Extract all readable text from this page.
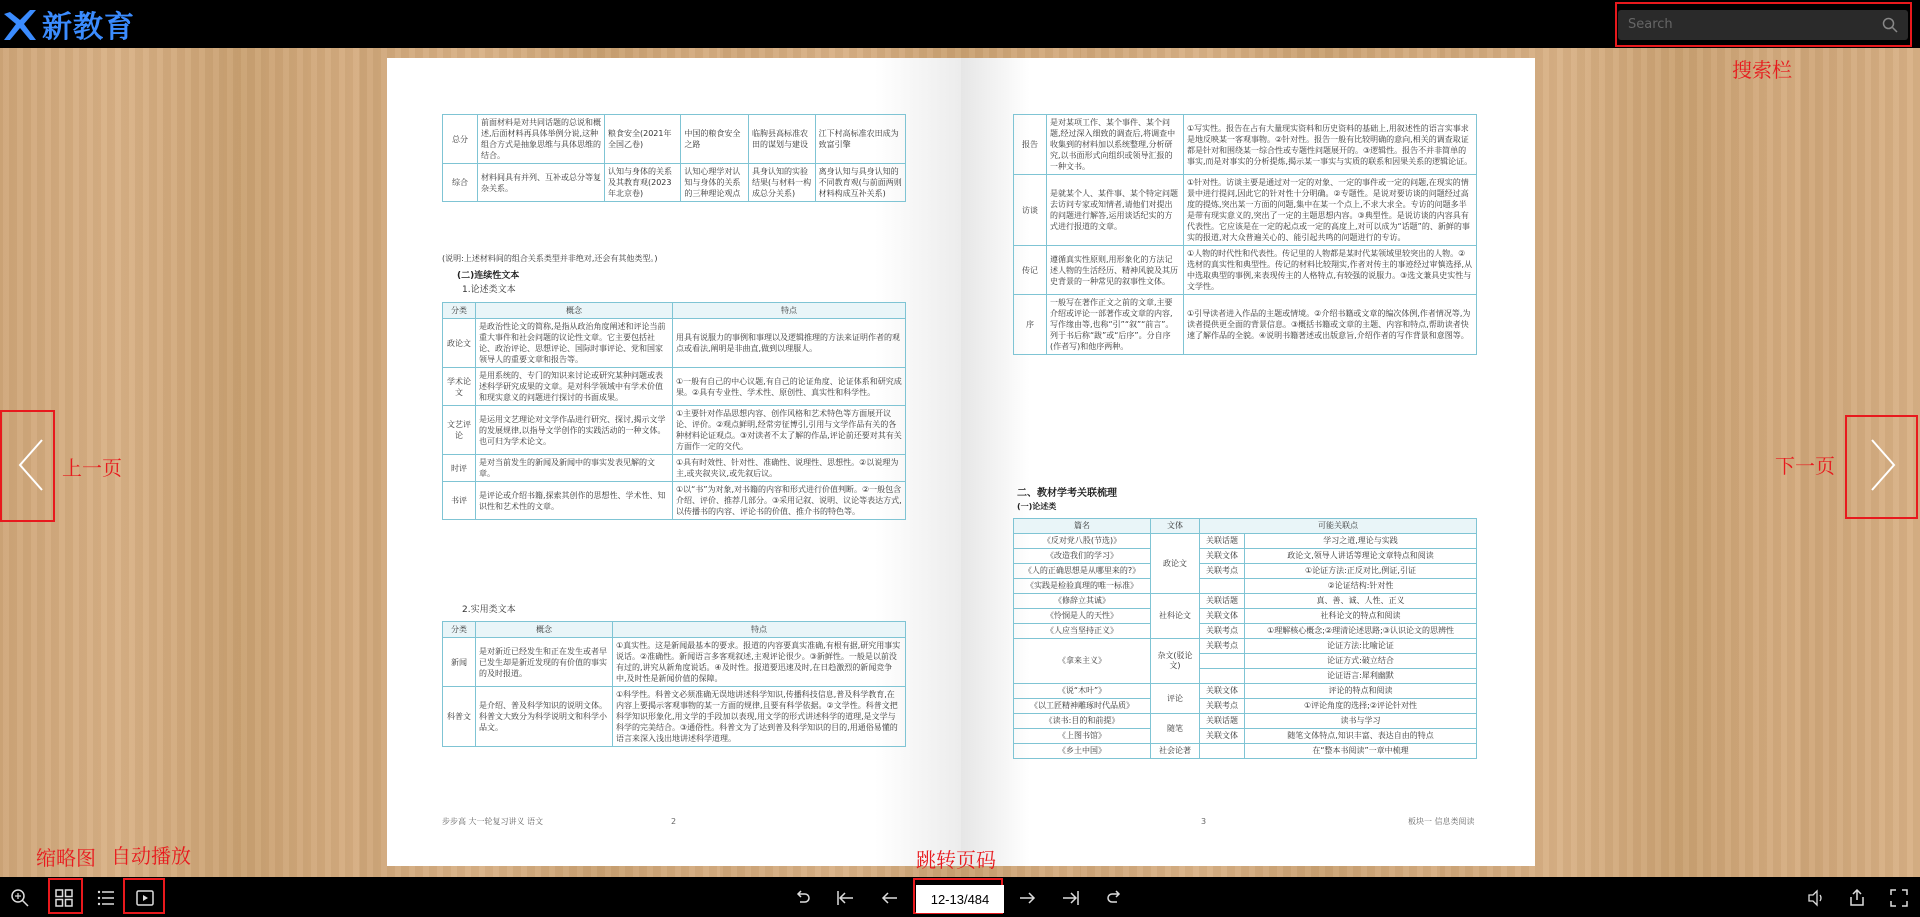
新教育	Search
搜索栏
总分	前面材料是对共同话题的总说和概述,后面材料再具体举例分说,这种组合方式是抽象思维与具体思维的结合。	粮食安全(2021年全国乙卷)	中国的粮食安全之路	临朐县高标准农田的谋划与建设	江下村高标准农田成为致富引擎
综合	材料间具有并列、互补或总分等复杂关系。	认知与身体的关系及其教育观(2023年北京卷)	认知心理学对认知与身体的关系的三种理论观点	具身认知的实验结果(与材料一构成总分关系)	离身认知与具身认知的不同教育观(与前面两则材料构成互补关系)
(说明:上述材料间的组合关系类型并非绝对,还会有其他类型。)
(二)连续性文本
1.论述类文本
分类	概念	特点
政论文	是政治性论文的简称,是指从政治角度阐述和评论当前重大事件和社会问题的议论性文章。它主要包括社论、政治评论、思想评论、国际时事评论、党和国家领导人的重要文章和报告等。	用具有说服力的事例和事理以及逻辑推理的方法来证明作者的观点或看法,阐明是非曲直,做到以理服人。
学术论文	是用系统的、专门的知识来讨论或研究某种问题或表述科学研究成果的文章。是对科学领域中有学术价值和现实意义的问题进行探讨的书面成果。	①一般有自己的中心议题,有自己的论证角度、论证体系和研究成果。②具有专业性、学术性、原创性、真实性和科学性。
文艺评论	是运用文艺理论对文学作品进行研究、探讨,揭示文学的发展规律,以指导文学创作的实践活动的一种文体。也可归为学术论文。	①主要针对作品思想内容、创作风格和艺术特色等方面展开议论、评价。②观点鲜明,经常旁征博引,引用与文学作品有关的各种材料论证观点。③对读者不太了解的作品,评论前还要对其有关方面作一定的交代。
时评	是对当前发生的新闻及新闻中的事实发表见解的文章。	①具有时效性、针对性、准确性、说理性、思想性。②以说理为主,或夹叙夹议,或先叙后议。
书评	是评论或介绍书籍,探索其创作的思想性、学术性、知识性和艺术性的文章。	①以“书”为对象,对书籍的内容和形式进行价值判断。②一般包含介绍、评价、推荐几部分。③采用记叙、说明、议论等表达方式,以传播书的内容、评论书的价值、推介书的特色等。
2.实用类文本
分类	概念	特点
新闻	是对新近已经发生和正在发生或者早已发生却是新近发现的有价值的事实的及时报道。	①真实性。这是新闻最基本的要求。报道的内容要真实准确,有根有据,研究用事实说话。②准确性。新闻语言多客观叙述,主观评论很少。③新鲜性。一般是以前没有过的,讲究从新角度说话。④及时性。报道要迅速及时,在日趋激烈的新闻竞争中,及时性是新闻价值的保障。
科普文	是介绍、普及科学知识的说明文体。科普文大致分为科学说明文和科学小品文。	①科学性。科普文必须准确无误地讲述科学知识,传播科技信息,普及科学教育,在内容上要揭示客观事物的某一方面的规律,且要有科学依据。②文学性。科普文把科学知识形象化,用文学的手段加以表现,用文学的形式讲述科学的道理,是文学与科学的完美结合。③通俗性。科普文为了达到普及科学知识的目的,用通俗易懂的语言来深入浅出地讲述科学道理。
步步高 大一轮复习讲义 语文	2
报告	是对某项工作、某个事件、某个问题,经过深入细致的调查后,将调查中收集到的材料加以系统整理,分析研究,以书面形式向组织或领导汇报的一种文书。	①写实性。报告在占有大量现实资料和历史资料的基础上,用叙述性的语言实事求是地反映某一客观事物。②针对性。报告一般有比较明确的意向,相关的调查取证都是针对和围绕某一综合性或专题性问题展开的。③逻辑性。报告不并非简单的事实,而是对事实的分析提炼,揭示某一事实与实质的联系和因果关系的逻辑论证。
访谈	是就某个人、某件事、某个特定问题去访问专家或知情者,请他们对提出的问题进行解答,运用谈话纪实的方式进行报道的文章。	①针对性。访谈主要是通过对一定的对象、一定的事件或一定的问题,在现实的情景中进行提问,因此它的针对性十分明确。②专题性。是说对要访谈的问题经过高度的提炼,突出某一方面的问题,集中在某一个点上,不求大求全。专访的问题多半是带有现实意义的,突出了一定的主题思想内容。③典型性。是说访谈的内容具有代表性。它应该是在一定的起点或一定的高度上,对可以成为“话题”的、新鲜的事实的报道,对大众普遍关心的、能引起共鸣的问题进行的专访。
传记	遵循真实性原则,用形象化的方法记述人物的生活经历、精神风貌及其历史背景的一种常见的叙事性文体。	①人物的时代性和代表性。传记里的人物都是某时代某领域里较突出的人物。②选材的真实性和典型性。传记的材料比较翔实,作者对传主的事迹经过审慎选择,从中选取典型的事例,来表现传主的人格特点,有较强的说服力。③选文兼具史实性与文学性。
序	一般写在著作正文之前的文章,主要介绍或评论一部著作或文章的内容,写作缘由等,也称“引”“叙”“前言”。列于书后称“跋”或“后序”。分自序(作者写)和他序两种。	①引导读者进入作品的主题或情境。②介绍书籍或文章的编次体例,作者情况等,为读者提供更全面的背景信息。③概括书籍或文章的主题、内容和特点,帮助读者快速了解作品的全貌。④说明书籍著述或出版意旨,介绍作者的写作背景和意图等。
二、教材学考关联梳理
(一)论述类
篇名	文体	可能关联点	
《反对党八股(节选)》	政论文	关联话题	学习之道,理论与实践
《改造我们的学习》		关联文体	政论文,领导人讲话等理论文章特点和阅读
《人的正确思想是从哪里来的?》		关联考点	①论证方法:正反对比,例证,引证
《实践是检验真理的唯一标准》			②论证结构:针对性
《修辞立其诚》	社科论文	关联话题	真、善、诚、人性、正义
《怜悯是人的天性》		关联文体	社科论文的特点和阅读
《人应当坚持正义》		关联考点	①理解核心概念;②理清论述思路;③认识论文的思辨性

《拿来主义》	杂文(驳论文)	关联考点	论证方法:比喻论证
			论证方式:破立结合
			论证语言:犀利幽默
《说“木叶”》	评论	关联文体	评论的特点和阅读
《以工匠精神雕琢时代品质》		关联考点	①评论角度的选择;②评论针对性
《读书:目的和前提》	随笔	关联话题	读书与学习
《上图书馆》		关联文体	随笔文体特点,知识丰富、表达自由的特点
《乡土中国》	社会论著		在“整本书阅读”一章中梳理
3	板块一 信息类阅读
上一页	下一页
缩略图 自动播放	跳转页码
12-13/484
